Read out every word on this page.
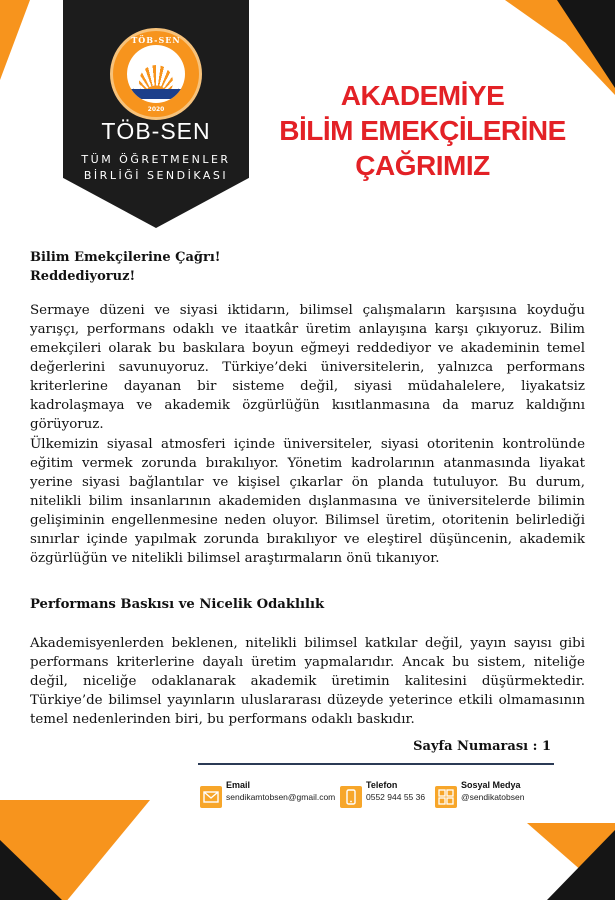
TÖB-SEN
2020
TÖB-SEN
TÜM ÖĞRETMENLER
BİRLİĞİ SENDİKASI
AKADEMİYE
BİLİM EMEKÇİLERİNE
ÇAĞRIMIZ
Bilim Emekçilerine Çağrı!
Reddediyoruz!

Sermaye düzeni ve siyasi iktidarın, bilimsel çalışmaların karşısına koyduğu yarışçı, performans odaklı ve itaatkâr üretim anlayışına karşı çıkıyoruz. Bilim emekçileri olarak bu baskılara boyun eğmeyi reddediyor ve akademinin temel değerlerini savunuyoruz. Türkiye’deki üniversitelerin, yalnızca performans kriterlerine dayanan bir sisteme değil, siyasi müdahalelere, liyakatsiz kadrolaşmaya ve akademik özgürlüğün kısıtlanmasına da maruz kaldığını görüyoruz.

Ülkemizin siyasal atmosferi içinde üniversiteler, siyasi otoritenin kontrolünde eğitim vermek zorunda bırakılıyor. Yönetim kadrolarının atanmasında liyakat yerine siyasi bağlantılar ve kişisel çıkarlar ön planda tutuluyor. Bu durum, nitelikli bilim insanlarının akademiden dışlanmasına ve üniversitelerde bilimin gelişiminin engellenmesine neden oluyor. Bilimsel üretim, otoritenin belirlediği sınırlar içinde yapılmak zorunda bırakılıyor ve eleştirel düşüncenin, akademik özgürlüğün ve nitelikli bilimsel araştırmaların önü tıkanıyor.

Performans Baskısı ve Nicelik Odaklılık

Akademisyenlerden beklenen, nitelikli bilimsel katkılar değil, yayın sayısı gibi performans kriterlerine dayalı üretim yapmalarıdır. Ancak bu sistem, niteliğe değil, niceliğe odaklanarak akademik üretimin kalitesini düşürmektedir. Türkiye’de bilimsel yayınların uluslararası düzeyde yeterince etkili olmamasının temel nedenlerinden biri, bu performans odaklı baskıdır.

Sayfa Numarası : 1
Email
sendikamtobsen@gmail.com
Telefon
0552 944 55 36
Sosyal Medya
@sendikatobsen
